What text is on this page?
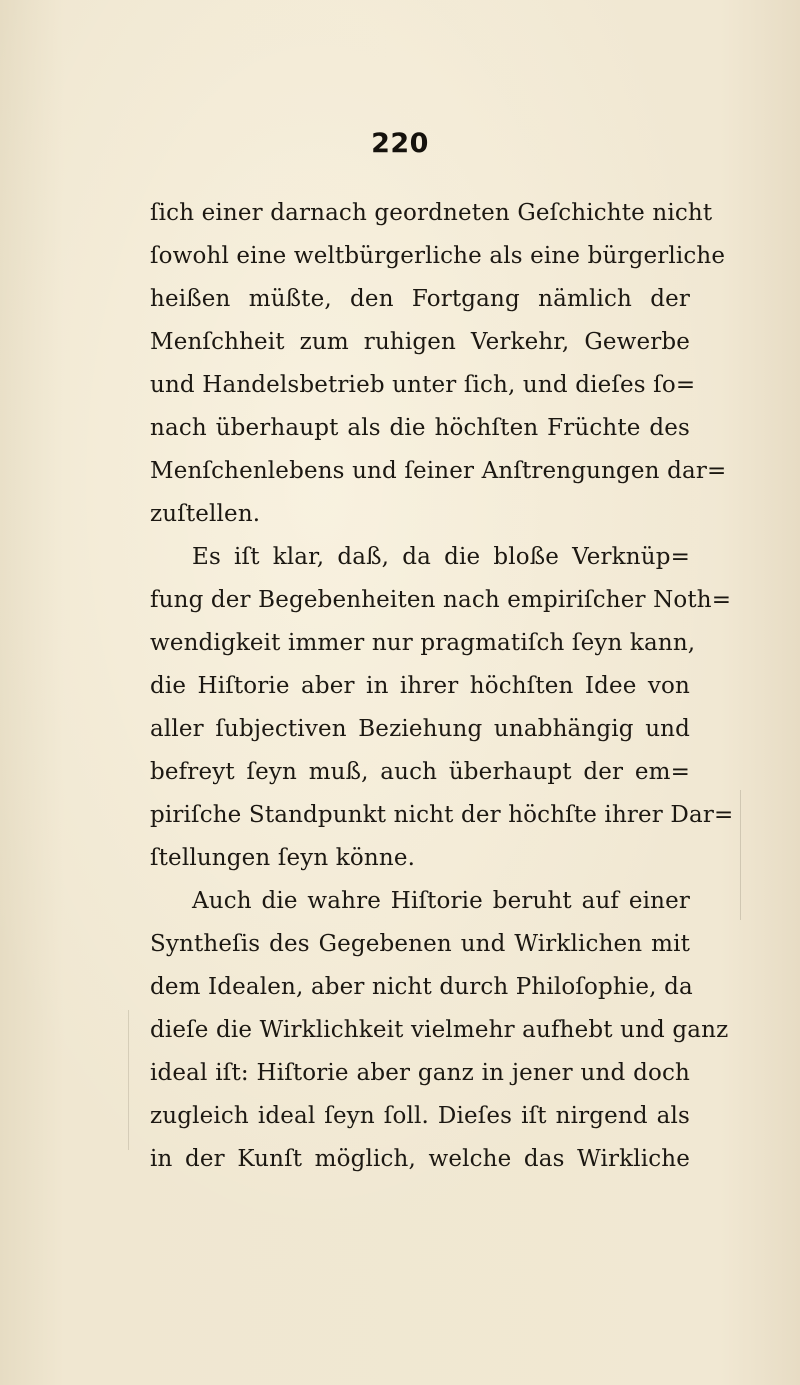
220
ſich einer darnach geordneten Geſchichte nicht
ſowohl eine weltbürgerliche als eine bürgerliche
heißen müßte, den Fortgang nämlich der
Menſchheit zum ruhigen Verkehr, Gewerbe
und Handelsbetrieb unter ſich, und dieſes ſo=
nach überhaupt als die höchſten Früchte des
Menſchenlebens und ſeiner Anſtrengungen dar=
zuſtellen.
Es iſt klar, daß, da die bloße Verknüp=
fung der Begebenheiten nach empiriſcher Noth=
wendigkeit immer nur pragmatiſch ſeyn kann,
die Hiſtorie aber in ihrer höchſten Idee von
aller ſubjectiven Beziehung unabhängig und
befreyt ſeyn muß, auch überhaupt der em=
piriſche Standpunkt nicht der höchſte ihrer Dar=
ſtellungen ſeyn könne.
Auch die wahre Hiſtorie beruht auf einer
Syntheſis des Gegebenen und Wirklichen mit
dem Idealen, aber nicht durch Philoſophie, da
dieſe die Wirklichkeit vielmehr aufhebt und ganz
ideal iſt: Hiſtorie aber ganz in jener und doch
zugleich ideal ſeyn ſoll. Dieſes iſt nirgend als
in der Kunſt möglich, welche das Wirkliche
